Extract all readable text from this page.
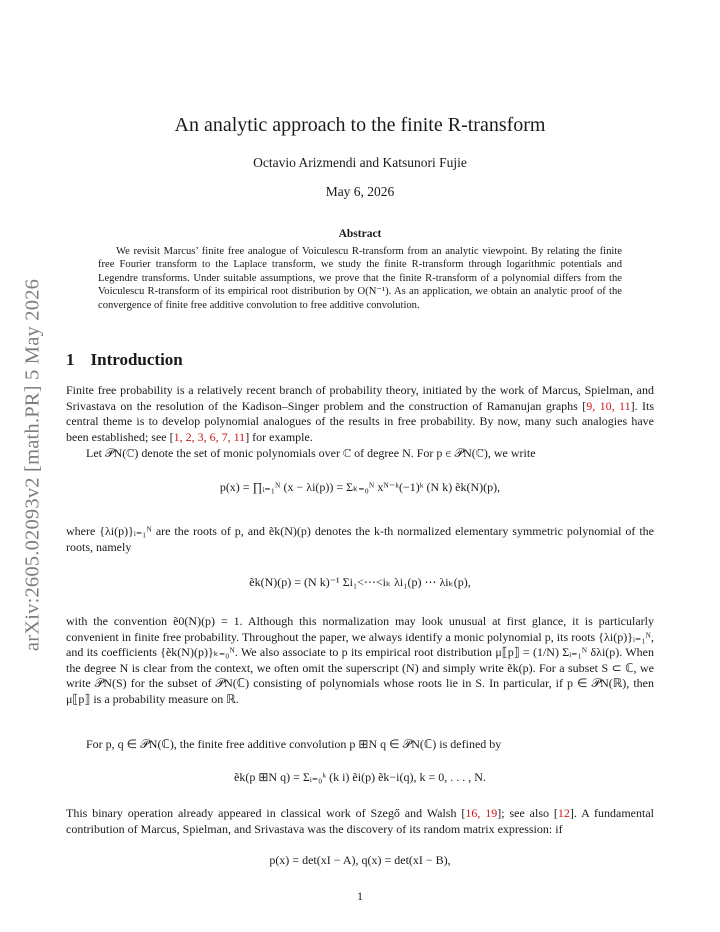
arXiv:2605.02093v2 [math.PR] 5 May 2026
An analytic approach to the finite R-transform
Octavio Arizmendi and Katsunori Fujie
May 6, 2026
Abstract

We revisit Marcus’ finite free analogue of Voiculescu R-transform from an analytic viewpoint. By relating the finite free Fourier transform to the Laplace transform, we study the finite R-transform through logarithmic potentials and Legendre transforms. Under suitable assumptions, we prove that the finite R-transform of a polynomial differs from the Voiculescu R-transform of its empirical root distribution by O(N⁻¹). As an application, we obtain an analytic proof of the convergence of finite free additive convolution to free additive convolution.

1 Introduction

Finite free probability is a relatively recent branch of probability theory, initiated by the work of Marcus, Spielman, and Srivastava on the resolution of the Kadison–Singer problem and the construction of Ramanujan graphs [9, 10, 11]. Its central theme is to develop polynomial analogues of the results in free probability. By now, many such analogies have been established; see [1, 2, 3, 6, 7, 11] for example.

Let 𝒫N(ℂ) denote the set of monic polynomials over ℂ of degree N. For p ∈ 𝒫N(ℂ), we write

p(x) = ∏ᵢ₌₁ᴺ (x − λi(p)) = Σₖ₌₀ᴺ xᴺ⁻ᵏ(−1)ᵏ (N k) ẽk(N)(p),

where {λi(p)}ᵢ₌₁ᴺ are the roots of p, and ẽk(N)(p) denotes the k-th normalized elementary symmetric polynomial of the roots, namely

ẽk(N)(p) = (N k)⁻¹ Σi₁<⋯<iₖ λi₁(p) ⋯ λiₖ(p),

with the convention ẽ0(N)(p) = 1. Although this normalization may look unusual at first glance, it is particularly convenient in finite free probability. Throughout the paper, we always identify a monic polynomial p, its roots {λi(p)}ᵢ₌₁ᴺ, and its coefficients {ẽk(N)(p)}ₖ₌₀ᴺ. We also associate to p its empirical root distribution μ⟦p⟧ = (1/N) Σᵢ₌₁ᴺ δλi(p). When the degree N is clear from the context, we often omit the superscript (N) and simply write ẽk(p). For a subset S ⊂ ℂ, we write 𝒫N(S) for the subset of 𝒫N(ℂ) consisting of polynomials whose roots lie in S. In particular, if p ∈ 𝒫N(ℝ), then μ⟦p⟧ is a probability measure on ℝ.

For p, q ∈ 𝒫N(ℂ), the finite free additive convolution p ⊞N q ∈ 𝒫N(ℂ) is defined by

ẽk(p ⊞N q) = Σᵢ₌₀ᵏ (k i) ẽi(p) ẽk−i(q), k = 0, . . . , N.

This binary operation already appeared in classical work of Szegő and Walsh [16, 19]; see also [12]. A fundamental contribution of Marcus, Spielman, and Srivastava was the discovery of its random matrix expression: if

p(x) = det(xI − A), q(x) = det(xI − B),
1
